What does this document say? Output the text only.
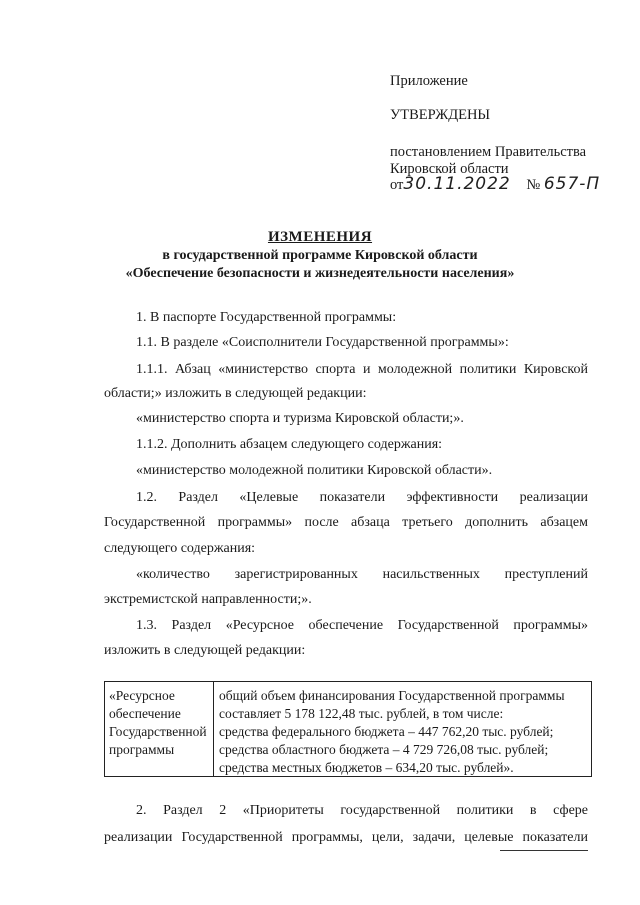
Приложение
УТВЕРЖДЕНЫ
постановлением Правительства
Кировской области
от30.11.2022 № 657-П
ИЗМЕНЕНИЯ
в государственной программе Кировской области
«Обеспечение безопасности и жизнедеятельности населения»
1. В паспорте Государственной программы:
1.1. В разделе «Соисполнители Государственной программы»:
1.1.1. Абзац «министерство спорта и молодежной политики Кировской
области;» изложить в следующей редакции:
«министерство спорта и туризма Кировской области;».
1.1.2. Дополнить абзацем следующего содержания:
«министерство молодежной политики Кировской области».
1.2. Раздел «Целевые показатели эффективности реализации
Государственной программы» после абзаца третьего дополнить абзацем
следующего содержания:
«количество зарегистрированных насильственных преступлений
экстремистской направленности;».
1.3. Раздел «Ресурсное обеспечение Государственной программы»
изложить в следующей редакции:
«Ресурсное
обеспечение
Государственной
программы
общий объем финансирования Государственной программы
составляет 5 178 122,48 тыс. рублей, в том числе:
средства федерального бюджета – 447 762,20 тыс. рублей;
средства областного бюджета – 4 729 726,08 тыс. рублей;
средства местных бюджетов – 634,20 тыс. рублей».
2. Раздел 2 «Приоритеты государственной политики в сфере
реализации Государственной программы, цели, задачи, целевые показатели
